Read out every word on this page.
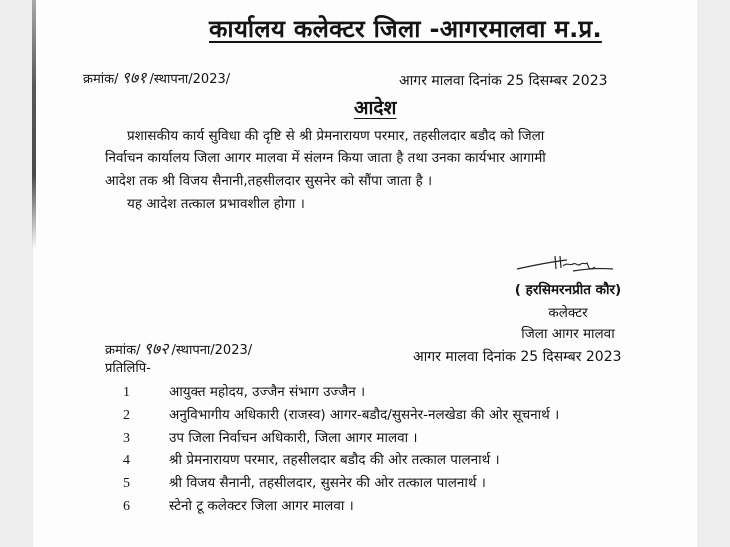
कार्यालय कलेक्टर जिला -आगरमालवा म.प्र.
क्रमांक/ ९७१ /स्थापना/2023/	आगर मालवा दिनांक 25 दिसम्बर 2023
आदेश
प्रशासकीय कार्य सुविधा की दृष्टि से श्री प्रेमनारायण परमार, तहसीलदार बडौद को जिला
निर्वाचन कार्यालय जिला आगर मालवा में संलग्न किया जाता है तथा उनका कार्यभार आगामी
आदेश तक श्री विजय सैनानी,तहसीलदार सुसनेर को सौंपा जाता है ।
यह आदेश तत्काल प्रभावशील होगा ।
( हरसिमरनप्रीत कौर)
कलेक्टर
जिला आगर मालवा
क्रमांक/ ९७२ /स्थापना/2023/	आगर मालवा दिनांक 25 दिसम्बर 2023
प्रतिलिपि-
1	आयुक्त महोदय, उज्जैन संभाग उज्जैन ।
2	अनुविभागीय अधिकारी (राजस्व) आगर-बडौद/सुसनेर-नलखेडा की ओर सूचनार्थ ।
3	उप जिला निर्वाचन अधिकारी, जिला आगर मालवा ।
4	श्री प्रेमनारायण परमार, तहसीलदार बडौद की ओर तत्काल पालनार्थ ।
5	श्री विजय सैनानी, तहसीलदार, सुसनेर की ओर तत्काल पालनार्थ ।
6	स्टेनो टू कलेक्टर जिला आगर मालवा ।
